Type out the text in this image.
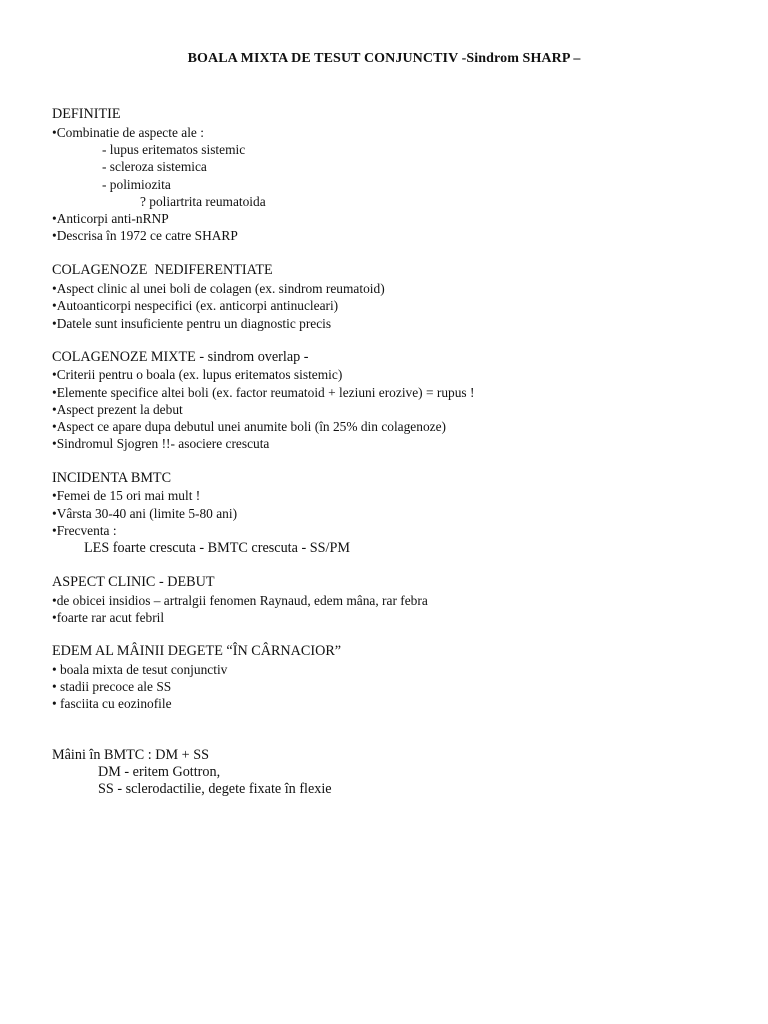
BOALA MIXTA DE TESUT CONJUNCTIV -Sindrom SHARP –
DEFINITIE
•Combinatie de aspecte ale :
- lupus eritematos sistemic
- scleroza sistemica
- polimiozita
? poliartrita reumatoida
•Anticorpi anti-nRNP
•Descrisa în 1972 ce catre SHARP
COLAGENOZE  NEDIFERENTIATE
•Aspect clinic al unei boli de colagen (ex. sindrom reumatoid)
•Autoanticorpi nespecifici (ex. anticorpi antinucleari)
•Datele sunt insuficiente pentru un diagnostic precis
COLAGENOZE MIXTE - sindrom overlap -
•Criterii pentru o boala (ex. lupus eritematos sistemic)
•Elemente specifice altei boli (ex. factor reumatoid + leziuni erozive) = rupus !
•Aspect prezent la debut
•Aspect ce apare dupa debutul unei anumite boli (în 25% din colagenoze)
•Sindromul Sjogren !!- asociere crescuta
INCIDENTA BMTC
•Femei de 15 ori mai mult !
•Vârsta 30-40 ani (limite 5-80 ani)
•Frecventa :
LES foarte crescuta - BMTC crescuta - SS/PM
ASPECT CLINIC - DEBUT
•de obicei insidios – artralgii fenomen Raynaud, edem mâna, rar febra
•foarte rar acut febril
EDEM AL MÂINII DEGETE “ÎN CÂRNACIOR”
• boala mixta de tesut conjunctiv
• stadii precoce ale SS
• fasciita cu eozinofile
Mâini în BMTC : DM + SS
DM - eritem Gottron,
SS - sclerodactilie, degete fixate în flexie
